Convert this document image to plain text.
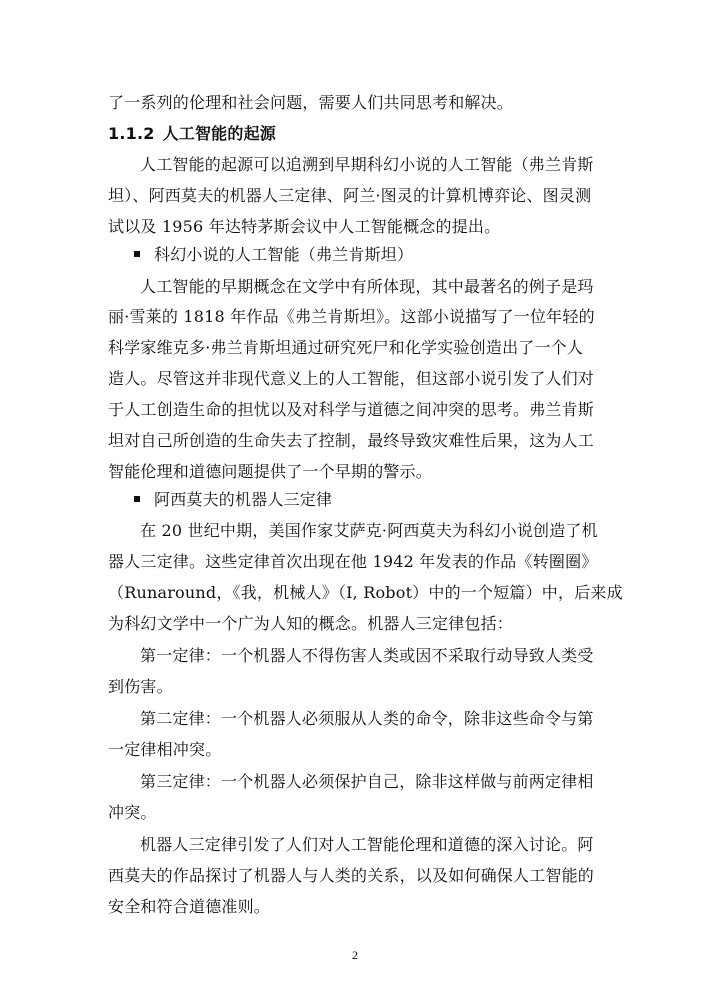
了一系列的伦理和社会问题，需要人们共同思考和解决。
1.1.2 人工智能的起源
人工智能的起源可以追溯到早期科幻小说的人工智能（弗兰肯斯
坦）、阿西莫夫的机器人三定律、阿兰·图灵的计算机博弈论、图灵测
试以及 1956 年达特茅斯会议中人工智能概念的提出。
科幻小说的人工智能（弗兰肯斯坦）
人工智能的早期概念在文学中有所体现，其中最著名的例子是玛
丽·雪莱的 1818 年作品《弗兰肯斯坦》。这部小说描写了一位年轻的
科学家维克多·弗兰肯斯坦通过研究死尸和化学实验创造出了一个人
造人。尽管这并非现代意义上的人工智能，但这部小说引发了人们对
于人工创造生命的担忧以及对科学与道德之间冲突的思考。弗兰肯斯
坦对自己所创造的生命失去了控制，最终导致灾难性后果，这为人工
智能伦理和道德问题提供了一个早期的警示。
阿西莫夫的机器人三定律
在 20 世纪中期，美国作家艾萨克·阿西莫夫为科幻小说创造了机
器人三定律。这些定律首次出现在他 1942 年发表的作品《转圈圈》
（Runaround，《我，机械人》（I, Robot）中的一个短篇）中，后来成
为科幻文学中一个广为人知的概念。机器人三定律包括：
第一定律：一个机器人不得伤害人类或因不采取行动导致人类受
到伤害。
第二定律：一个机器人必须服从人类的命令，除非这些命令与第
一定律相冲突。
第三定律：一个机器人必须保护自己，除非这样做与前两定律相
冲突。
机器人三定律引发了人们对人工智能伦理和道德的深入讨论。阿
西莫夫的作品探讨了机器人与人类的关系，以及如何确保人工智能的
安全和符合道德准则。
2
